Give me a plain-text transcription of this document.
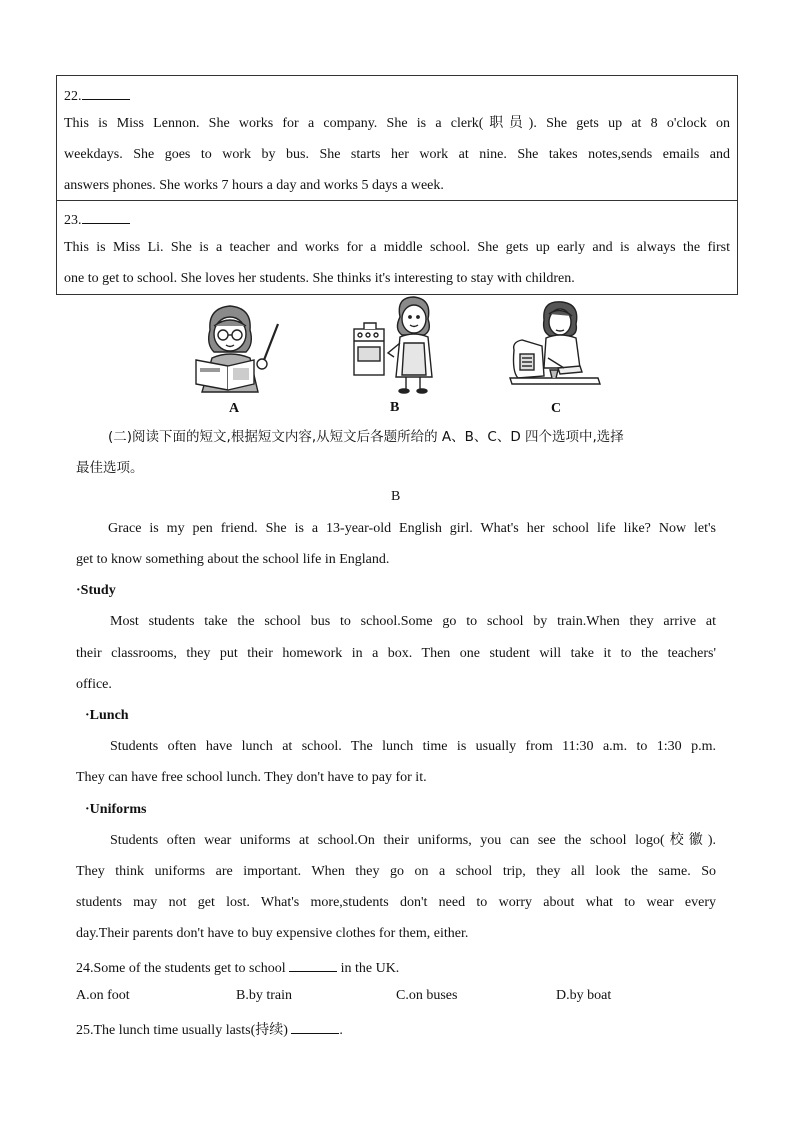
22.
This is Miss Lennon. She works for a company. She is a clerk(职员). She gets up at 8 o'clock on
weekdays. She goes to work by bus. She starts her work at nine. She takes notes,sends emails and
answers phones. She works 7 hours a day and works 5 days a week.
23.
This is Miss Li. She is a teacher and works for a middle school. She gets up early and is always the first
one to get to school. She loves her students. She thinks it's interesting to stay with children.
A	B	C
(二)阅读下面的短文,根据短文内容,从短文后各题所给的 A、B、C、D 四个选项中,选择
最佳选项。
B
Grace is my pen friend. She is a 13-year-old English girl. What's her school life like? Now let's
get to know something about the school life in England.
·Study
Most students take the school bus to school.Some go to school by train.When they arrive at
their classrooms, they put their homework in a box. Then one student will take it to the teachers'
office.
·Lunch
Students often have lunch at school. The lunch time is usually from 11:30 a.m. to 1:30 p.m.
They can have free school lunch. They don't have to pay for it.
·Uniforms
Students often wear uniforms at school.On their uniforms, you can see the school logo(校徽).
They think uniforms are important. When they go on a school trip, they all look the same. So
students may not get lost. What's more,students don't need to worry about what to wear every
day.Their parents don't have to buy expensive clothes for them, either.
24.Some of the students get to school	in the UK.
A.on foot	B.by train	C.on buses	D.by boat
25.The lunch time usually lasts(持续)	.
